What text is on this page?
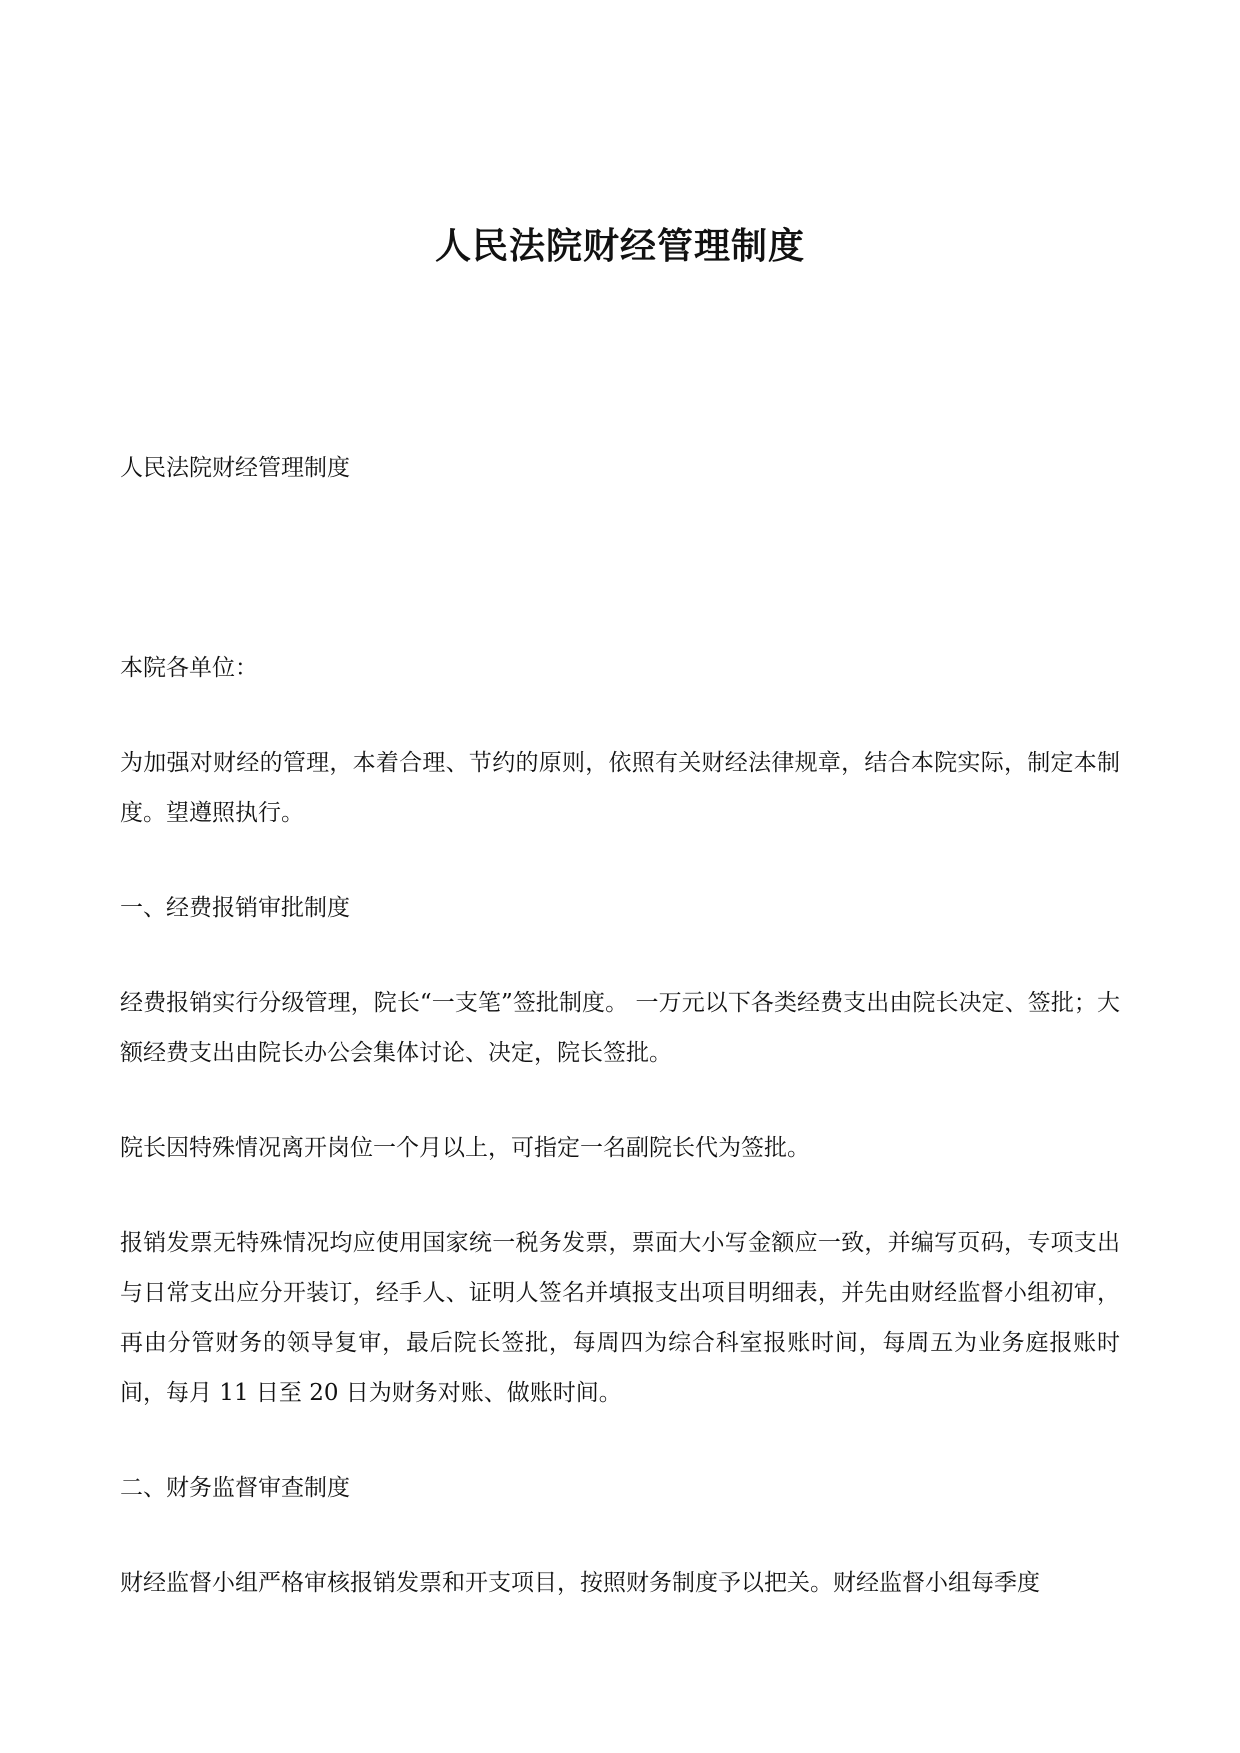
人民法院财经管理制度

人民法院财经管理制度

本院各单位：

为加强对财经的管理，本着合理、节约的原则，依照有关财经法律规章，结合本院实际，制定本制度。望遵照执行。

一、经费报销审批制度

经费报销实行分级管理，院长“一支笔”签批制度。 一万元以下各类经费支出由院长决定、签批；大额经费支出由院长办公会集体讨论、决定，院长签批。

院长因特殊情况离开岗位一个月以上，可指定一名副院长代为签批。

报销发票无特殊情况均应使用国家统一税务发票，票面大小写金额应一致，并编写页码，专项支出与日常支出应分开装订，经手人、证明人签名并填报支出项目明细表，并先由财经监督小组初审，再由分管财务的领导复审，最后院长签批，每周四为综合科室报账时间，每周五为业务庭报账时间，每月 11 日至 20 日为财务对账、做账时间。

二、财务监督审查制度

财经监督小组严格审核报销发票和开支项目，按照财务制度予以把关。财经监督小组每季度
